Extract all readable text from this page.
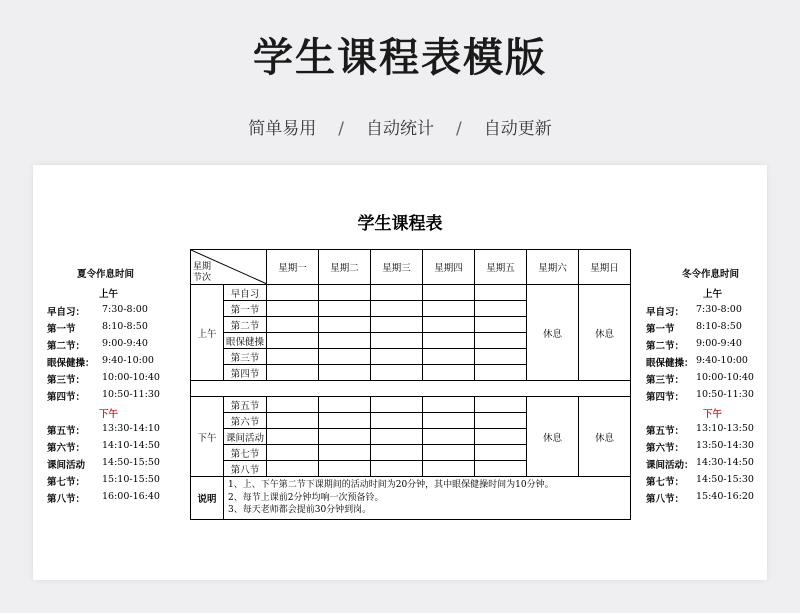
学生课程表模版
简单易用 / 自动统计 / 自动更新
学生课程表
夏令作息时间
上午
早自习： 7:30-8:00
第一节	8:10-8:50
第二节： 9:00-9:40
眼保健操： 9:40-10:00
第三节： 10:00-10:40
第四节： 10:50-11:30
下午
第五节： 13:30-14:10
第六节： 14:10-14:50
课间活动 14:50-15:50
第七节： 15:10-15:50
第八节： 16:00-16:40
冬令作息时间
上午
早自习： 7:30-8:00
第一节 8:10-8:50
第二节： 9:00-9:40
眼保健操： 9:40-10:00
第三节： 10:00-10:40
第四节： 10:50-11:30
下午
第五节： 13:10-13:50
第六节： 13:50-14:30
课间活动： 14:30-14:50
第七节： 14:50-15:30
第八节： 15:40-16:20
星期
节次		星期一	星期二	星期三	星期四	星期五	星期六	星期日
上午	早自习						休息	休息
	第一节							
	第二节							
	眼保健操							
	第三节							
	第四节							

下午	第五节						休息	休息
	第六节							
	课间活动							
	第七节							
	第八节							
说明	1、上、下午第二节下课期间的活动时间为20分钟，其中眼保健操时间为10分钟。
2、每节上课前2分钟均响一次预备铃。
3、每天老师都会提前30分钟到岗。							
